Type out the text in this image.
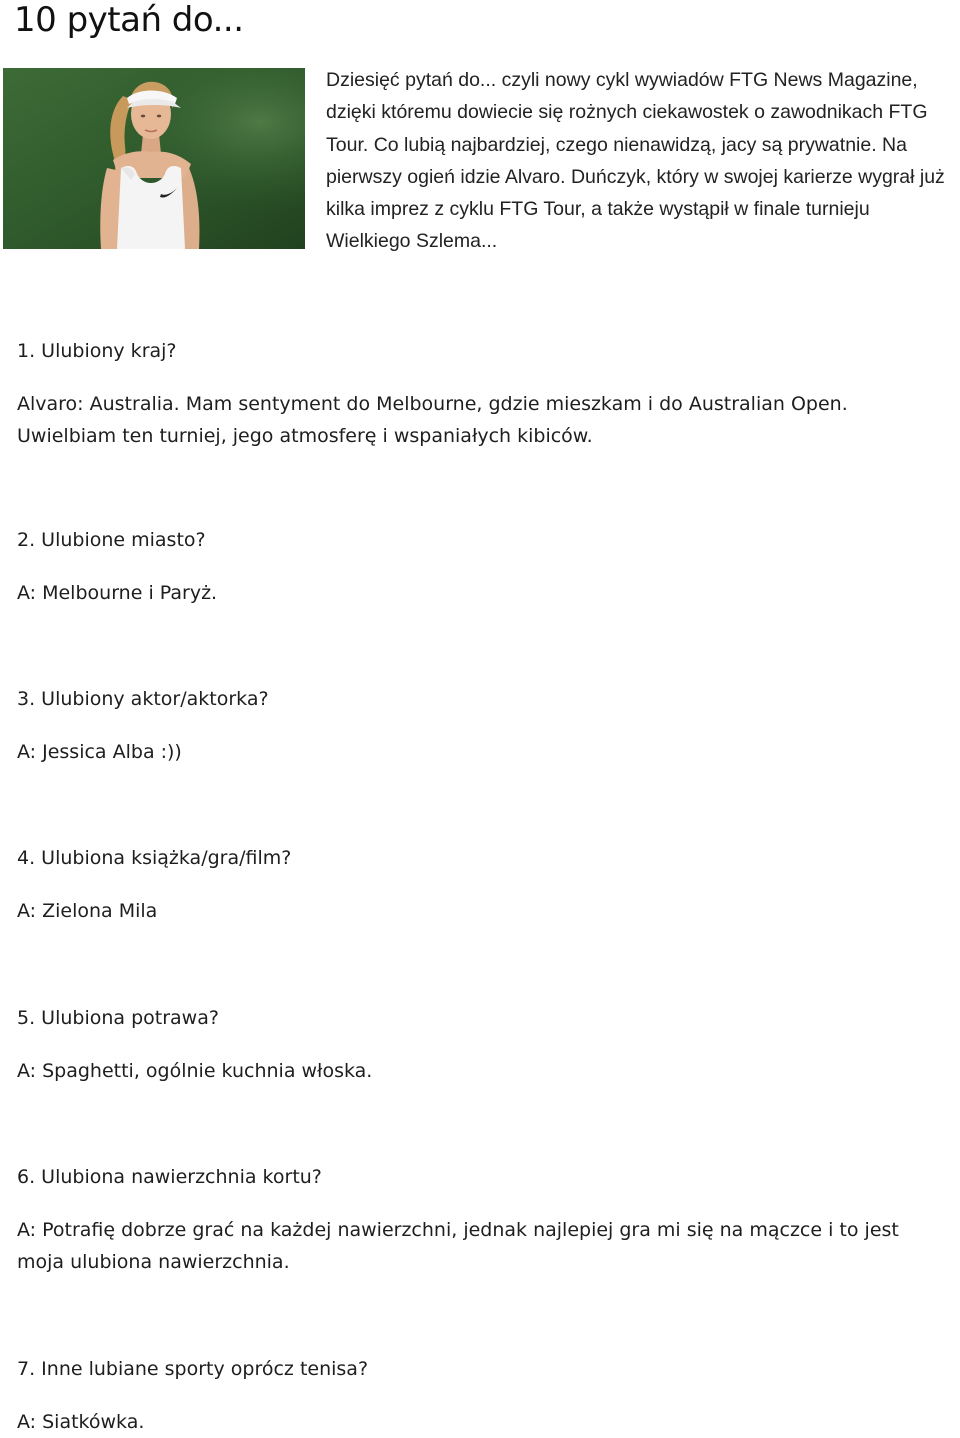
10 pytań do...

Dziesięć pytań do... czyli nowy cykl wywiadów FTG News Magazine, dzięki któremu dowiecie się rożnych ciekawostek o zawodnikach FTG Tour. Co lubią najbardziej, czego nienawidzą, jacy są prywatnie. Na pierwszy ogień idzie Alvaro. Duńczyk, który w swojej karierze wygrał już kilka imprez z cyklu FTG Tour, a także wystąpił w finale turnieju Wielkiego Szlema...

1. Ulubiony kraj?

Alvaro: Australia. Mam sentyment do Melbourne, gdzie mieszkam i do Australian Open. Uwielbiam ten turniej, jego atmosferę i wspaniałych kibiców.

2. Ulubione miasto?

A: Melbourne i Paryż.

3. Ulubiony aktor/aktorka?

A: Jessica Alba :))

4. Ulubiona książka/gra/film?

A: Zielona Mila

5. Ulubiona potrawa?

A: Spaghetti, ogólnie kuchnia włoska.

6. Ulubiona nawierzchnia kortu?

A: Potrafię dobrze grać na każdej nawierzchni, jednak najlepiej gra mi się na mączce i to jest moja ulubiona nawierzchnia.

7. Inne lubiane sporty oprócz tenisa?

A: Siatkówka.
